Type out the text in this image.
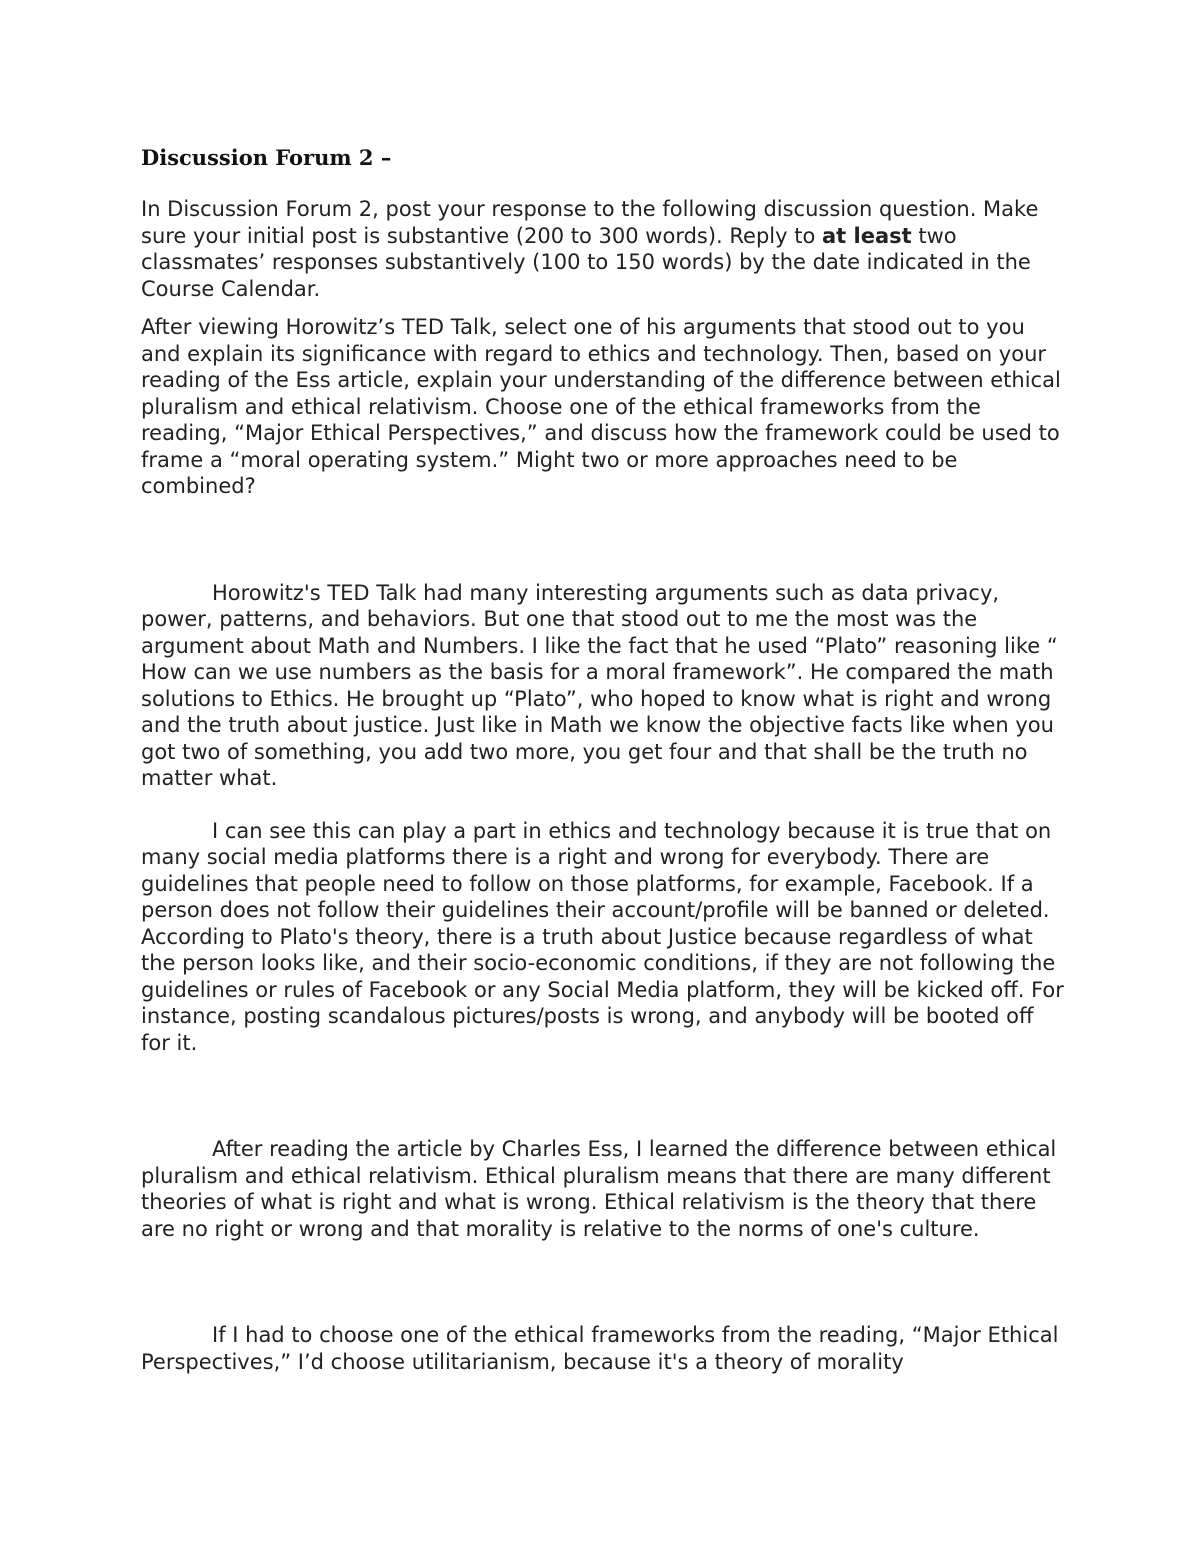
Discussion Forum 2 –

In Discussion Forum 2, post your response to the following discussion question. Make sure your initial post is substantive (200 to 300 words). Reply to at least two classmates’ responses substantively (100 to 150 words) by the date indicated in the Course Calendar.

After viewing Horowitz’s TED Talk, select one of his arguments that stood out to you and explain its significance with regard to ethics and technology. Then, based on your reading of the Ess article, explain your understanding of the difference between ethical pluralism and ethical relativism. Choose one of the ethical frameworks from the reading, “Major Ethical Perspectives,” and discuss how the framework could be used to frame a “moral operating system.” Might two or more approaches need to be combined?

Horowitz's TED Talk had many interesting arguments such as data privacy, power, patterns, and behaviors. But one that stood out to me the most was the argument about Math and Numbers. I like the fact that he used “Plato” reasoning like “ How can we use numbers as the basis for a moral framework”. He compared the math solutions to Ethics. He brought up “Plato”, who hoped to know what is right and wrong and the truth about justice. Just like in Math we know the objective facts like when you got two of something, you add two more, you get four and that shall be the truth no matter what.

I can see this can play a part in ethics and technology because it is true that on many social media platforms there is a right and wrong for everybody. There are guidelines that people need to follow on those platforms, for example, Facebook. If a person does not follow their guidelines their account/profile will be banned or deleted. According to Plato's theory, there is a truth about Justice because regardless of what the person looks like, and their socio-economic conditions, if they are not following the guidelines or rules of Facebook or any Social Media platform, they will be kicked off. For instance, posting scandalous pictures/posts is wrong, and anybody will be booted off for it.

After reading the article by Charles Ess, I learned the difference between ethical pluralism and ethical relativism. Ethical pluralism means that there are many different theories of what is right and what is wrong. Ethical relativism is the theory that there are no right or wrong and that morality is relative to the norms of one's culture.

If I had to choose one of the ethical frameworks from the reading, “Major Ethical Perspectives,” I’d choose utilitarianism, because it's a theory of morality
